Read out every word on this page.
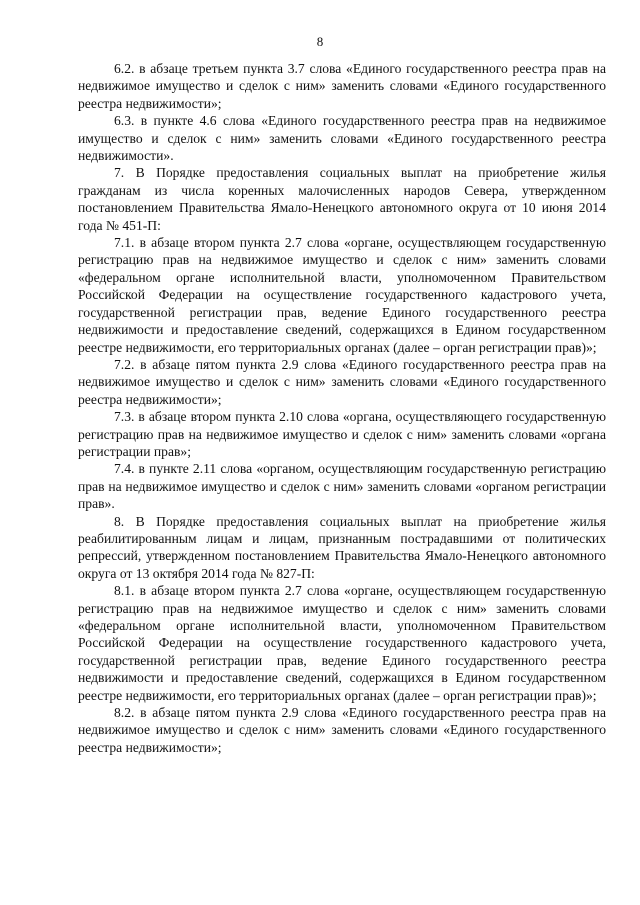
8

6.2. в абзаце третьем пункта 3.7 слова «Единого государственного реестра прав на недвижимое имущество и сделок с ним» заменить словами «Единого государственного реестра недвижимости»;

6.3. в пункте 4.6 слова «Единого государственного реестра прав на недвижимое имущество и сделок с ним» заменить словами «Единого государственного реестра недвижимости».

7. В Порядке предоставления социальных выплат на приобретение жилья гражданам из числа коренных малочисленных народов Севера, утвержденном постановлением Правительства Ямало-Ненецкого автономного округа от 10 июня 2014 года № 451-П:

7.1. в абзаце втором пункта 2.7 слова «органе, осуществляющем государственную регистрацию прав на недвижимое имущество и сделок с ним» заменить словами «федеральном органе исполнительной власти, уполномоченном Правительством Российской Федерации на осуществление государственного кадастрового учета, государственной регистрации прав, ведение Единого государственного реестра недвижимости и предоставление сведений, содержащихся в Едином государственном реестре недвижимости, его территориальных органах (далее – орган регистрации прав)»;

7.2. в абзаце пятом пункта 2.9 слова «Единого государственного реестра прав на недвижимое имущество и сделок с ним» заменить словами «Единого государственного реестра недвижимости»;

7.3. в абзаце втором пункта 2.10 слова «органа, осуществляющего государственную регистрацию прав на недвижимое имущество и сделок с ним» заменить словами «органа регистрации прав»;

7.4. в пункте 2.11 слова «органом, осуществляющим государственную регистрацию прав на недвижимое имущество и сделок с ним» заменить словами «органом регистрации прав».

8. В Порядке предоставления социальных выплат на приобретение жилья реабилитированным лицам и лицам, признанным пострадавшими от политических репрессий, утвержденном постановлением Правительства Ямало-Ненецкого автономного округа от 13 октября 2014 года № 827-П:

8.1. в абзаце втором пункта 2.7 слова «органе, осуществляющем государственную регистрацию прав на недвижимое имущество и сделок с ним» заменить словами «федеральном органе исполнительной власти, уполномоченном Правительством Российской Федерации на осуществление государственного кадастрового учета, государственной регистрации прав, ведение Единого государственного реестра недвижимости и предоставление сведений, содержащихся в Едином государственном реестре недвижимости, его территориальных органах (далее – орган регистрации прав)»;

8.2. в абзаце пятом пункта 2.9 слова «Единого государственного реестра прав на недвижимое имущество и сделок с ним» заменить словами «Единого государственного реестра недвижимости»;
